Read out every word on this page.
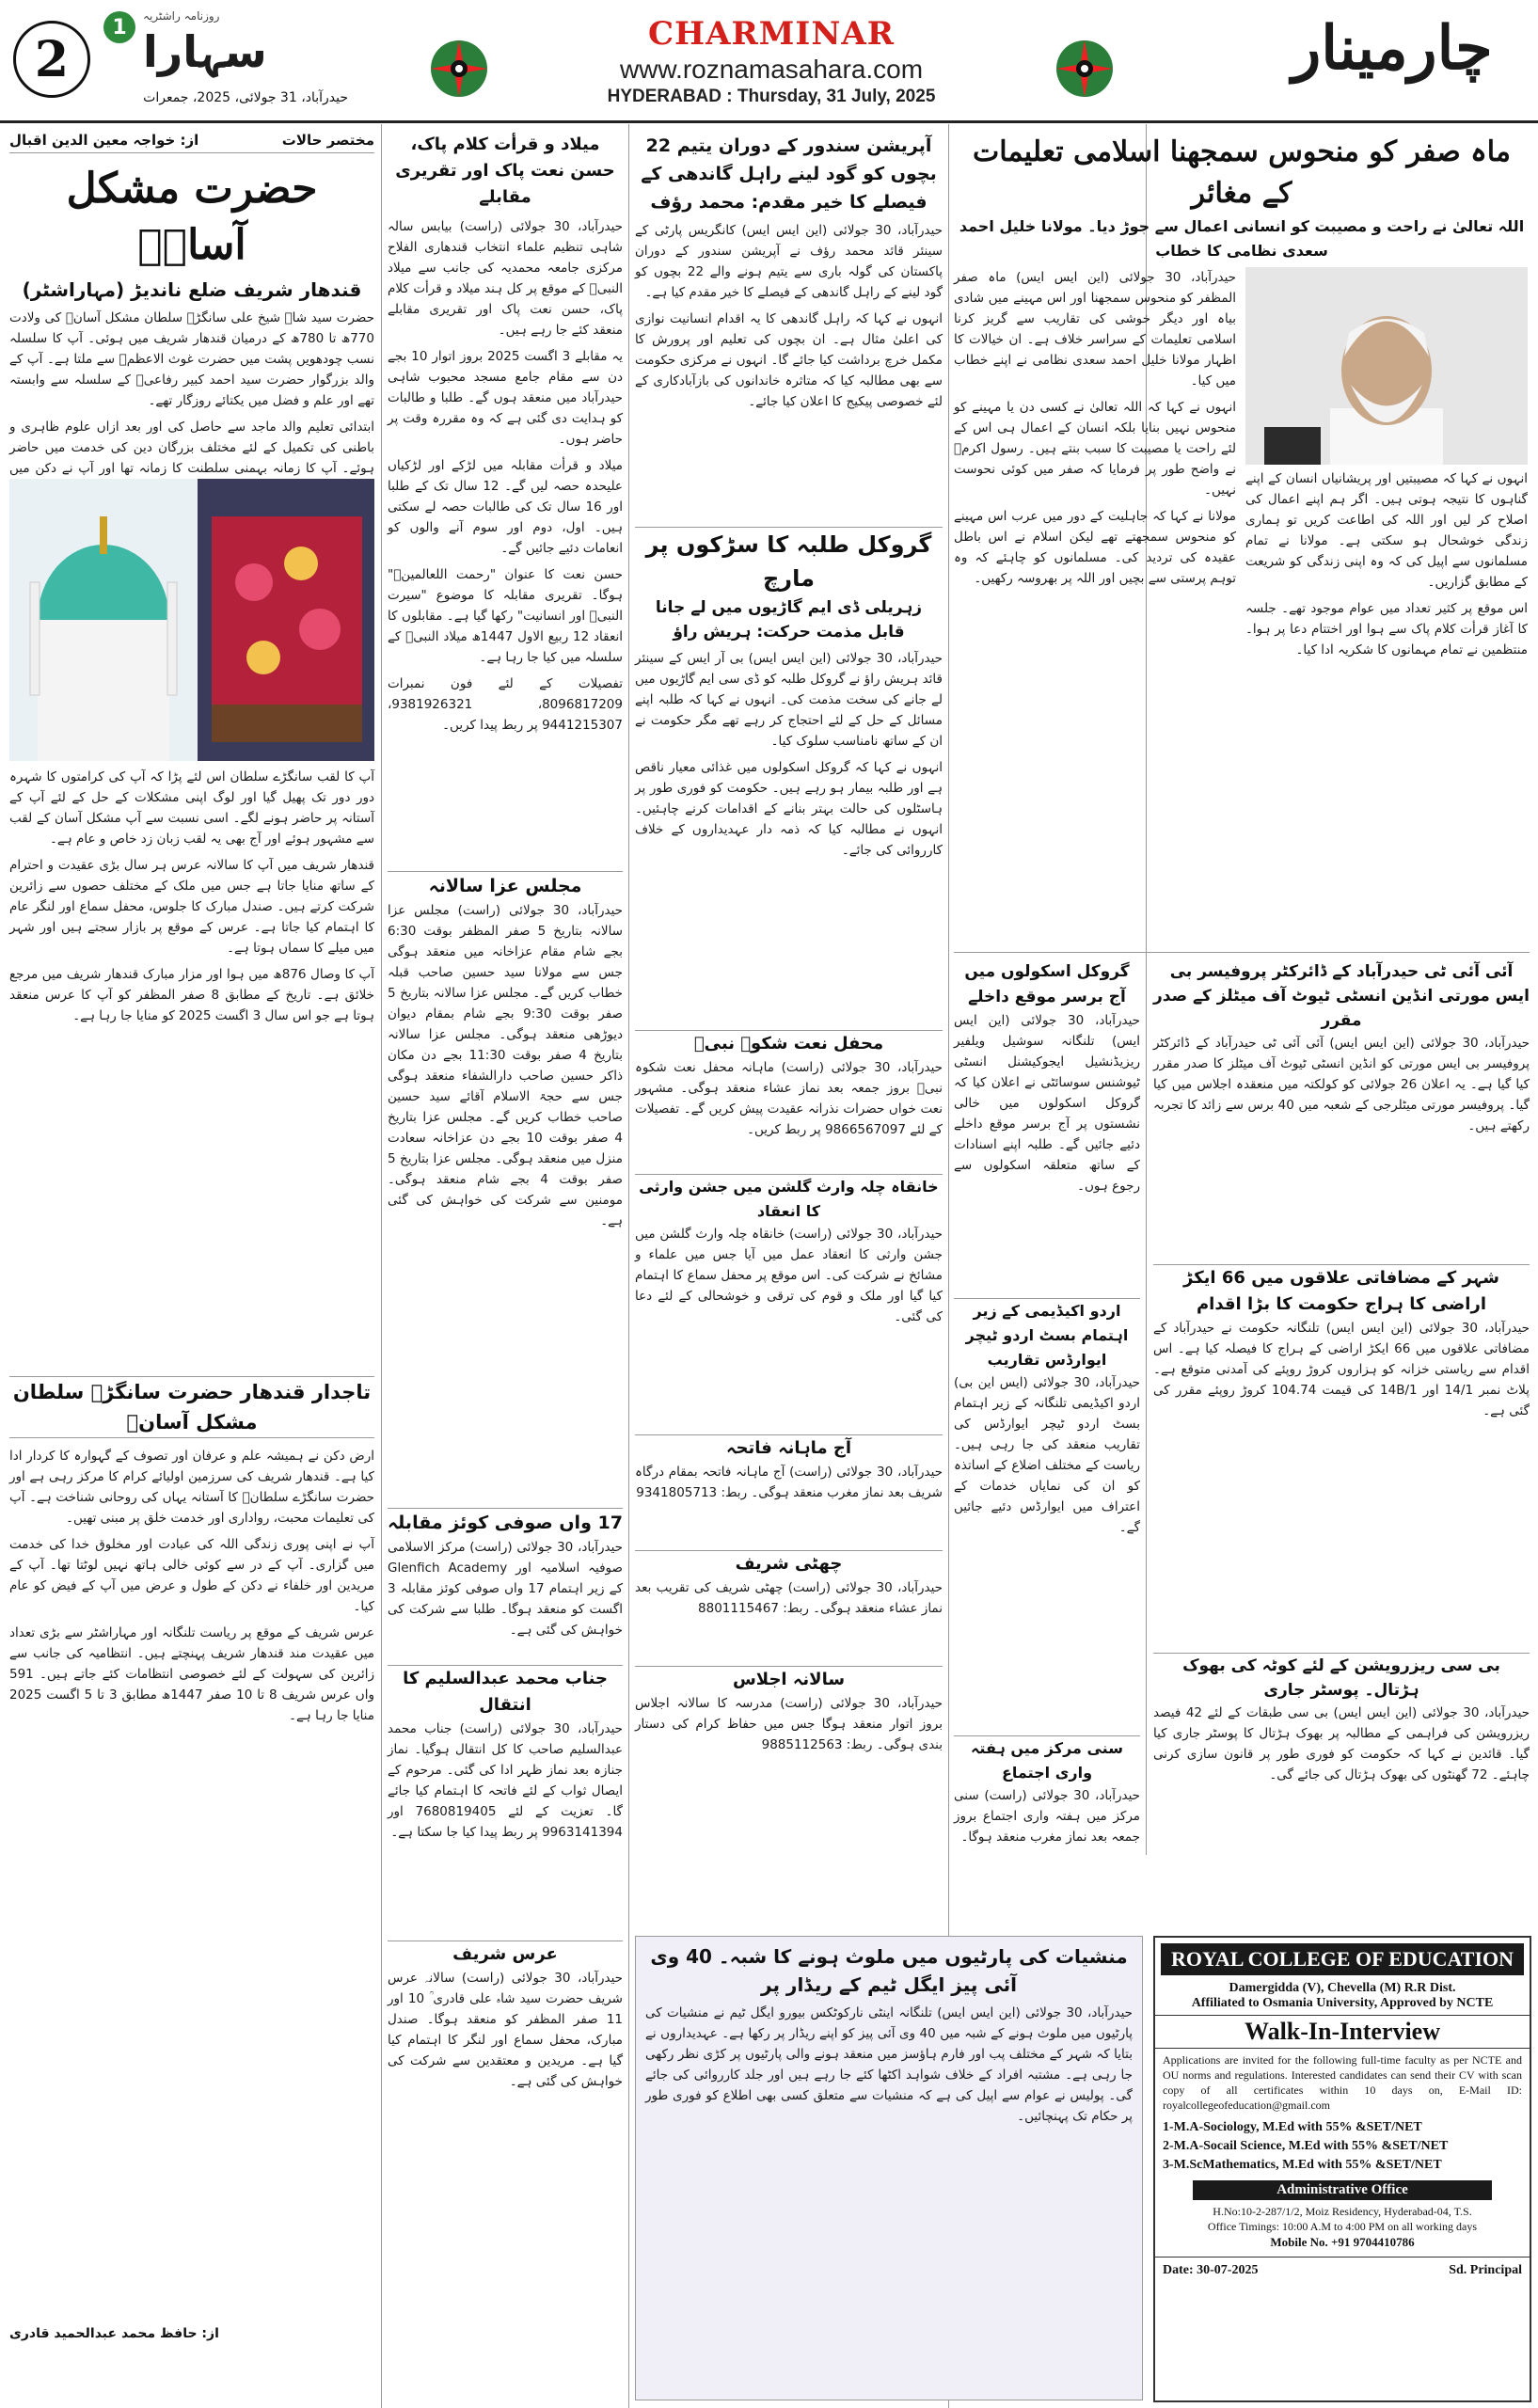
2
1	روزنامہ راشٹریہ
سہارا
حیدرآباد، 31 جولائی، 2025، جمعرات
CHARMINAR
www.roznamasahara.com
HYDERABAD : Thursday, 31 July, 2025
چارمینار
مختصر حالات
از: خواجہ معین الدین اقبال
حضرت مشکل آسانؒ
قندھار شریف ضلع ناندیڑ (مہاراشٹر)

حضرت سید شاہ شیخ علی سانگڑے سلطان مشکل آسانؒ کی ولادت 770ھ تا 780ھ کے درمیان قندھار شریف میں ہوئی۔ آپ کا سلسلہ نسب چودھویں پشت میں حضرت غوث الاعظمؒ سے ملتا ہے۔ آپ کے والد بزرگوار حضرت سید احمد کبیر رفاعیؒ کے سلسلہ سے وابستہ تھے اور علم و فضل میں یکتائے روزگار تھے۔

ابتدائی تعلیم والد ماجد سے حاصل کی اور بعد ازاں علوم ظاہری و باطنی کی تکمیل کے لئے مختلف بزرگان دین کی خدمت میں حاضر ہوئے۔ آپ کا زمانہ بہمنی سلطنت کا زمانہ تھا اور آپ نے دکن میں

آپ کا لقب سانگڑے سلطان اس لئے پڑا کہ آپ کی کرامتوں کا شہرہ دور دور تک پھیل گیا اور لوگ اپنی مشکلات کے حل کے لئے آپ کے آستانہ پر حاضر ہونے لگے۔ اسی نسبت سے آپ مشکل آسان کے لقب سے مشہور ہوئے اور آج بھی یہ لقب زبان زد خاص و عام ہے۔

قندھار شریف میں آپ کا سالانہ عرس ہر سال بڑی عقیدت و احترام کے ساتھ منایا جاتا ہے جس میں ملک کے مختلف حصوں سے زائرین شرکت کرتے ہیں۔ صندل مبارک کا جلوس، محفل سماع اور لنگر عام کا اہتمام کیا جاتا ہے۔ عرس کے موقع پر بازار سجتے ہیں اور شہر میں میلے کا سماں ہوتا ہے۔

آپ کا وصال 876ھ میں ہوا اور مزار مبارک قندھار شریف میں مرجع خلائق ہے۔ تاریخ کے مطابق 8 صفر المظفر کو آپ کا عرس منعقد ہوتا ہے جو اس سال 3 اگست 2025 کو منایا جا رہا ہے۔

تاجدار قندھار حضرت سانگڑے سلطان مشکل آسانؒ

ارض دکن نے ہمیشہ علم و عرفان اور تصوف کے گہوارہ کا کردار ادا کیا ہے۔ قندھار شریف کی سرزمین اولیائے کرام کا مرکز رہی ہے اور حضرت سانگڑے سلطانؒ کا آستانہ یہاں کی روحانی شناخت ہے۔ آپ کی تعلیمات محبت، رواداری اور خدمت خلق پر مبنی تھیں۔

آپ نے اپنی پوری زندگی اللہ کی عبادت اور مخلوق خدا کی خدمت میں گزاری۔ آپ کے در سے کوئی خالی ہاتھ نہیں لوٹتا تھا۔ آپ کے مریدین اور خلفاء نے دکن کے طول و عرض میں آپ کے فیض کو عام کیا۔

عرس شریف کے موقع پر ریاست تلنگانہ اور مہاراشٹر سے بڑی تعداد میں عقیدت مند قندھار شریف پہنچتے ہیں۔ انتظامیہ کی جانب سے زائرین کی سہولت کے لئے خصوصی انتظامات کئے جاتے ہیں۔ 591 واں عرس شریف 8 تا 10 صفر 1447ھ مطابق 3 تا 5 اگست 2025 منایا جا رہا ہے۔

از: حافظ محمد عبدالحمید قادری
میلاد و قرأت کلام پاک، حسن نعت پاک اور تقریری مقابلے

حیدرآباد، 30 جولائی (راست) بیابس سالہ شاہی تنظیم علماء انتخاب قندھاری الفلاح مرکزی جامعہ محمدیہ کی جانب سے میلاد النبیؐ کے موقع پر کل ہند میلاد و قرأت کلام پاک، حسن نعت پاک اور تقریری مقابلے منعقد کئے جا رہے ہیں۔

یہ مقابلے 3 اگست 2025 بروز اتوار 10 بجے دن سے مقام جامع مسجد محبوب شاہی حیدرآباد میں منعقد ہوں گے۔ طلبا و طالبات کو ہدایت دی گئی ہے کہ وہ مقررہ وقت پر حاضر ہوں۔

میلاد و قرأت مقابلہ میں لڑکے اور لڑکیاں علیحدہ حصہ لیں گے۔ 12 سال تک کے طلبا اور 16 سال تک کی طالبات حصہ لے سکتی ہیں۔ اول، دوم اور سوم آنے والوں کو انعامات دئیے جائیں گے۔

حسن نعت کا عنوان "رحمت اللعالمینؐ" ہوگا۔ تقریری مقابلہ کا موضوع "سیرت النبیؐ اور انسانیت" رکھا گیا ہے۔ مقابلوں کا انعقاد 12 ربیع الاول 1447ھ میلاد النبیؐ کے سلسلہ میں کیا جا رہا ہے۔

تفصیلات کے لئے فون نمبرات 8096817209، 9381926321، 9441215307 پر ربط پیدا کریں۔

مجلس عزا سالانہ
حیدرآباد، 30 جولائی (راست) مجلس عزا سالانہ بتاریخ 5 صفر المظفر بوقت 6:30 بجے شام مقام عزاخانہ میں منعقد ہوگی جس سے مولانا سید حسین صاحب قبلہ خطاب کریں گے۔ مجلس عزا سالانہ بتاریخ 5 صفر بوقت 9:30 بجے شام بمقام دیوان دیوڑھی منعقد ہوگی۔ مجلس عزا سالانہ بتاریخ 4 صفر بوقت 11:30 بجے دن مکان ذاکر حسین صاحب دارالشفاء منعقد ہوگی جس سے حجۃ الاسلام آقائے سید حسین صاحب خطاب کریں گے۔ مجلس عزا بتاریخ 4 صفر بوقت 10 بجے دن عزاخانہ سعادت منزل میں منعقد ہوگی۔ مجلس عزا بتاریخ 5 صفر بوقت 4 بجے شام منعقد ہوگی۔ مومنین سے شرکت کی خواہش کی گئی ہے۔
17 واں صوفی کوئز مقابلہ
حیدرآباد، 30 جولائی (راست) مرکز الاسلامی صوفیہ اسلامیہ اور Glenfich Academy کے زیر اہتمام 17 واں صوفی کوئز مقابلہ 3 اگست کو منعقد ہوگا۔ طلبا سے شرکت کی خواہش کی گئی ہے۔
جناب محمد عبدالسلیم کا انتقال
حیدرآباد، 30 جولائی (راست) جناب محمد عبدالسلیم صاحب کا کل انتقال ہوگیا۔ نماز جنازہ بعد نماز ظہر ادا کی گئی۔ مرحوم کے ایصال ثواب کے لئے فاتحہ کا اہتمام کیا جائے گا۔ تعزیت کے لئے 7680819405 اور 9963141394 پر ربط پیدا کیا جا سکتا ہے۔
عرس شریف
حیدرآباد، 30 جولائی (راست) سالانہ عرس شریف حضرت سید شاہ علی قادری ؒ 10 اور 11 صفر المظفر کو منعقد ہوگا۔ صندل مبارک، محفل سماع اور لنگر کا اہتمام کیا گیا ہے۔ مریدین و معتقدین سے شرکت کی خواہش کی گئی ہے۔
آپریشن سندور کے دوران یتیم 22 بچوں کو گود لینے راہل گاندھی کے فیصلے کا خیر مقدم: محمد رؤف

حیدرآباد، 30 جولائی (این ایس ایس) کانگریس پارٹی کے سینئر قائد محمد رؤف نے آپریشن سندور کے دوران پاکستان کی گولہ باری سے یتیم ہونے والے 22 بچوں کو گود لینے کے راہل گاندھی کے فیصلے کا خیر مقدم کیا ہے۔

انہوں نے کہا کہ راہل گاندھی کا یہ اقدام انسانیت نوازی کی اعلیٰ مثال ہے۔ ان بچوں کی تعلیم اور پرورش کا مکمل خرچ برداشت کیا جائے گا۔ انہوں نے مرکزی حکومت سے بھی مطالبہ کیا کہ متاثرہ خاندانوں کی بازآبادکاری کے لئے خصوصی پیکیج کا اعلان کیا جائے۔

گروکل طلبہ کا سڑکوں پر مارچ
زہریلی ڈی ایم گاڑیوں میں لے جانا قابل مذمت حرکت: ہریش راؤ

حیدرآباد، 30 جولائی (این ایس ایس) بی آر ایس کے سینئر قائد ہریش راؤ نے گروکل طلبہ کو ڈی سی ایم گاڑیوں میں لے جانے کی سخت مذمت کی۔ انہوں نے کہا کہ طلبہ اپنے مسائل کے حل کے لئے احتجاج کر رہے تھے مگر حکومت نے ان کے ساتھ نامناسب سلوک کیا۔

انہوں نے کہا کہ گروکل اسکولوں میں غذائی معیار ناقص ہے اور طلبہ بیمار ہو رہے ہیں۔ حکومت کو فوری طور پر ہاسٹلوں کی حالت بہتر بنانے کے اقدامات کرنے چاہئیں۔ انہوں نے مطالبہ کیا کہ ذمہ دار عہدیداروں کے خلاف کارروائی کی جائے۔

محفل نعت شکوہ نبیؐ
حیدرآباد، 30 جولائی (راست) ماہانہ محفل نعت شکوہ نبیؐ بروز جمعہ بعد نماز عشاء منعقد ہوگی۔ مشہور نعت خواں حضرات نذرانہ عقیدت پیش کریں گے۔ تفصیلات کے لئے 9866567097 پر ربط کریں۔
خانقاہ چلہ وارث گلشن میں جشن وارثی کا انعقاد
حیدرآباد، 30 جولائی (راست) خانقاہ چلہ وارث گلشن میں جشن وارثی کا انعقاد عمل میں آیا جس میں علماء و مشائخ نے شرکت کی۔ اس موقع پر محفل سماع کا اہتمام کیا گیا اور ملک و قوم کی ترقی و خوشحالی کے لئے دعا کی گئی۔
آج ماہانہ فاتحہ
حیدرآباد، 30 جولائی (راست) آج ماہانہ فاتحہ بمقام درگاہ شریف بعد نماز مغرب منعقد ہوگی۔ ربط: 9341805713
چھٹی شریف
حیدرآباد، 30 جولائی (راست) چھٹی شریف کی تقریب بعد نماز عشاء منعقد ہوگی۔ ربط: 8801115467
سالانہ اجلاس
حیدرآباد، 30 جولائی (راست) مدرسہ کا سالانہ اجلاس بروز اتوار منعقد ہوگا جس میں حفاظ کرام کی دستار بندی ہوگی۔ ربط: 9885112563
گروکل اسکولوں میں آج برسر موقع داخلے
حیدرآباد، 30 جولائی (این ایس ایس) تلنگانہ سوشیل ویلفیر ریزیڈنشیل ایجوکیشنل انسٹی ٹیوشنس سوسائٹی نے اعلان کیا کہ گروکل اسکولوں میں خالی نشستوں پر آج برسر موقع داخلے دئیے جائیں گے۔ طلبہ اپنے اسنادات کے ساتھ متعلقہ اسکولوں سے رجوع ہوں۔
اردو اکیڈیمی کے زیر اہتمام بسٹ اردو ٹیچر ایوارڈس تقاریب
حیدرآباد، 30 جولائی (ایس این بی) اردو اکیڈیمی تلنگانہ کے زیر اہتمام بسٹ اردو ٹیچر ایوارڈس کی تقاریب منعقد کی جا رہی ہیں۔ ریاست کے مختلف اضلاع کے اساتذہ کو ان کی نمایاں خدمات کے اعتراف میں ایوارڈس دئیے جائیں گے۔
سنی مرکز میں ہفتہ واری اجتماع
حیدرآباد، 30 جولائی (راست) سنی مرکز میں ہفتہ واری اجتماع بروز جمعہ بعد نماز مغرب منعقد ہوگا۔
ماہ صفر کو منحوس سمجھنا اسلامی تعلیمات کے مغائر
اللہ تعالیٰ نے راحت و مصیبت کو انسانی اعمال سے جوڑ دیا۔ مولانا خلیل احمد سعدی نظامی کا خطاب

حیدرآباد، 30 جولائی (این ایس ایس) ماہ صفر المظفر کو منحوس سمجھنا اور اس مہینے میں شادی بیاہ اور دیگر خوشی کی تقاریب سے گریز کرنا اسلامی تعلیمات کے سراسر خلاف ہے۔ ان خیالات کا اظہار مولانا خلیل احمد سعدی نظامی نے اپنے خطاب میں کیا۔

انہوں نے کہا کہ اللہ تعالیٰ نے کسی دن یا مہینے کو منحوس نہیں بنایا بلکہ انسان کے اعمال ہی اس کے لئے راحت یا مصیبت کا سبب بنتے ہیں۔ رسول اکرمؐ نے واضح طور پر فرمایا کہ صفر میں کوئی نحوست نہیں۔

مولانا نے کہا کہ جاہلیت کے دور میں عرب اس مہینے کو منحوس سمجھتے تھے لیکن اسلام نے اس باطل عقیدہ کی تردید کی۔ مسلمانوں کو چاہئے کہ وہ توہم پرستی سے بچیں اور اللہ پر بھروسہ رکھیں۔

انہوں نے کہا کہ مصیبتیں اور پریشانیاں انسان کے اپنے گناہوں کا نتیجہ ہوتی ہیں۔ اگر ہم اپنے اعمال کی اصلاح کر لیں اور اللہ کی اطاعت کریں تو ہماری زندگی خوشحال ہو سکتی ہے۔ مولانا نے تمام مسلمانوں سے اپیل کی کہ وہ اپنی زندگی کو شریعت کے مطابق گزاریں۔

اس موقع پر کثیر تعداد میں عوام موجود تھے۔ جلسہ کا آغاز قرأت کلام پاک سے ہوا اور اختتام دعا پر ہوا۔ منتظمین نے تمام مہمانوں کا شکریہ ادا کیا۔

آئی آئی ٹی حیدرآباد کے ڈائرکٹر پروفیسر بی ایس مورتی انڈین انسٹی ٹیوٹ آف میٹلز کے صدر مقرر
حیدرآباد، 30 جولائی (این ایس ایس) آئی آئی ٹی حیدرآباد کے ڈائرکٹر پروفیسر بی ایس مورتی کو انڈین انسٹی ٹیوٹ آف میٹلز کا صدر مقرر کیا گیا ہے۔ یہ اعلان 26 جولائی کو کولکتہ میں منعقدہ اجلاس میں کیا گیا۔ پروفیسر مورتی میٹلرجی کے شعبہ میں 40 برس سے زائد کا تجربہ رکھتے ہیں۔
شہر کے مضافاتی علاقوں میں 66 ایکڑ اراضی کا ہراج حکومت کا بڑا اقدام
حیدرآباد، 30 جولائی (این ایس ایس) تلنگانہ حکومت نے حیدرآباد کے مضافاتی علاقوں میں 66 ایکڑ اراضی کے ہراج کا فیصلہ کیا ہے۔ اس اقدام سے ریاستی خزانہ کو ہزاروں کروڑ روپئے کی آمدنی متوقع ہے۔ پلاٹ نمبر 14/1 اور 14B/1 کی قیمت 104.74 کروڑ روپئے مقرر کی گئی ہے۔
بی سی ریزرویشن کے لئے کوٹہ کی بھوک ہڑتال۔ پوسٹر جاری
حیدرآباد، 30 جولائی (این ایس ایس) بی سی طبقات کے لئے 42 فیصد ریزرویشن کی فراہمی کے مطالبہ پر بھوک ہڑتال کا پوسٹر جاری کیا گیا۔ قائدین نے کہا کہ حکومت کو فوری طور پر قانون سازی کرنی چاہئے۔ 72 گھنٹوں کی بھوک ہڑتال کی جائے گی۔
منشیات کی پارٹیوں میں ملوث ہونے کا شبہ۔ 40 وی آئی پیز ایگل ٹیم کے ریڈار پر
حیدرآباد، 30 جولائی (این ایس ایس) تلنگانہ اینٹی نارکوٹکس بیورو ایگل ٹیم نے منشیات کی پارٹیوں میں ملوث ہونے کے شبہ میں 40 وی آئی پیز کو اپنے ریڈار پر رکھا ہے۔ عہدیداروں نے بتایا کہ شہر کے مختلف پب اور فارم ہاؤسز میں منعقد ہونے والی پارٹیوں پر کڑی نظر رکھی جا رہی ہے۔ مشتبہ افراد کے خلاف شواہد اکٹھا کئے جا رہے ہیں اور جلد کارروائی کی جائے گی۔ پولیس نے عوام سے اپیل کی ہے کہ منشیات سے متعلق کسی بھی اطلاع کو فوری طور پر حکام تک پہنچائیں۔
ROYAL COLLEGE OF EDUCATION
Damergidda (V), Chevella (M) R.R Dist.
Affiliated to Osmania University, Approved by NCTE
Walk-In-Interview
Applications are invited for the following full-time faculty as per NCTE and OU norms and regulations. Interested candidates can send their CV with scan copy of all certificates within 10 days on, E-Mail ID: royalcollegeofeducation@gmail.com
1-M.A-Sociology, M.Ed with 55% &SET/NET
2-M.A-Socail Science, M.Ed with 55% &SET/NET
3-M.ScMathematics, M.Ed with 55% &SET/NET
Administrative Office
H.No:10-2-287/1/2, Moiz Residency, Hyderabad-04, T.S.
Office Timings: 10:00 A.M to 4:00 PM on all working days
Mobile No. +91 9704410786
Date: 30-07-2025	Sd. Principal
